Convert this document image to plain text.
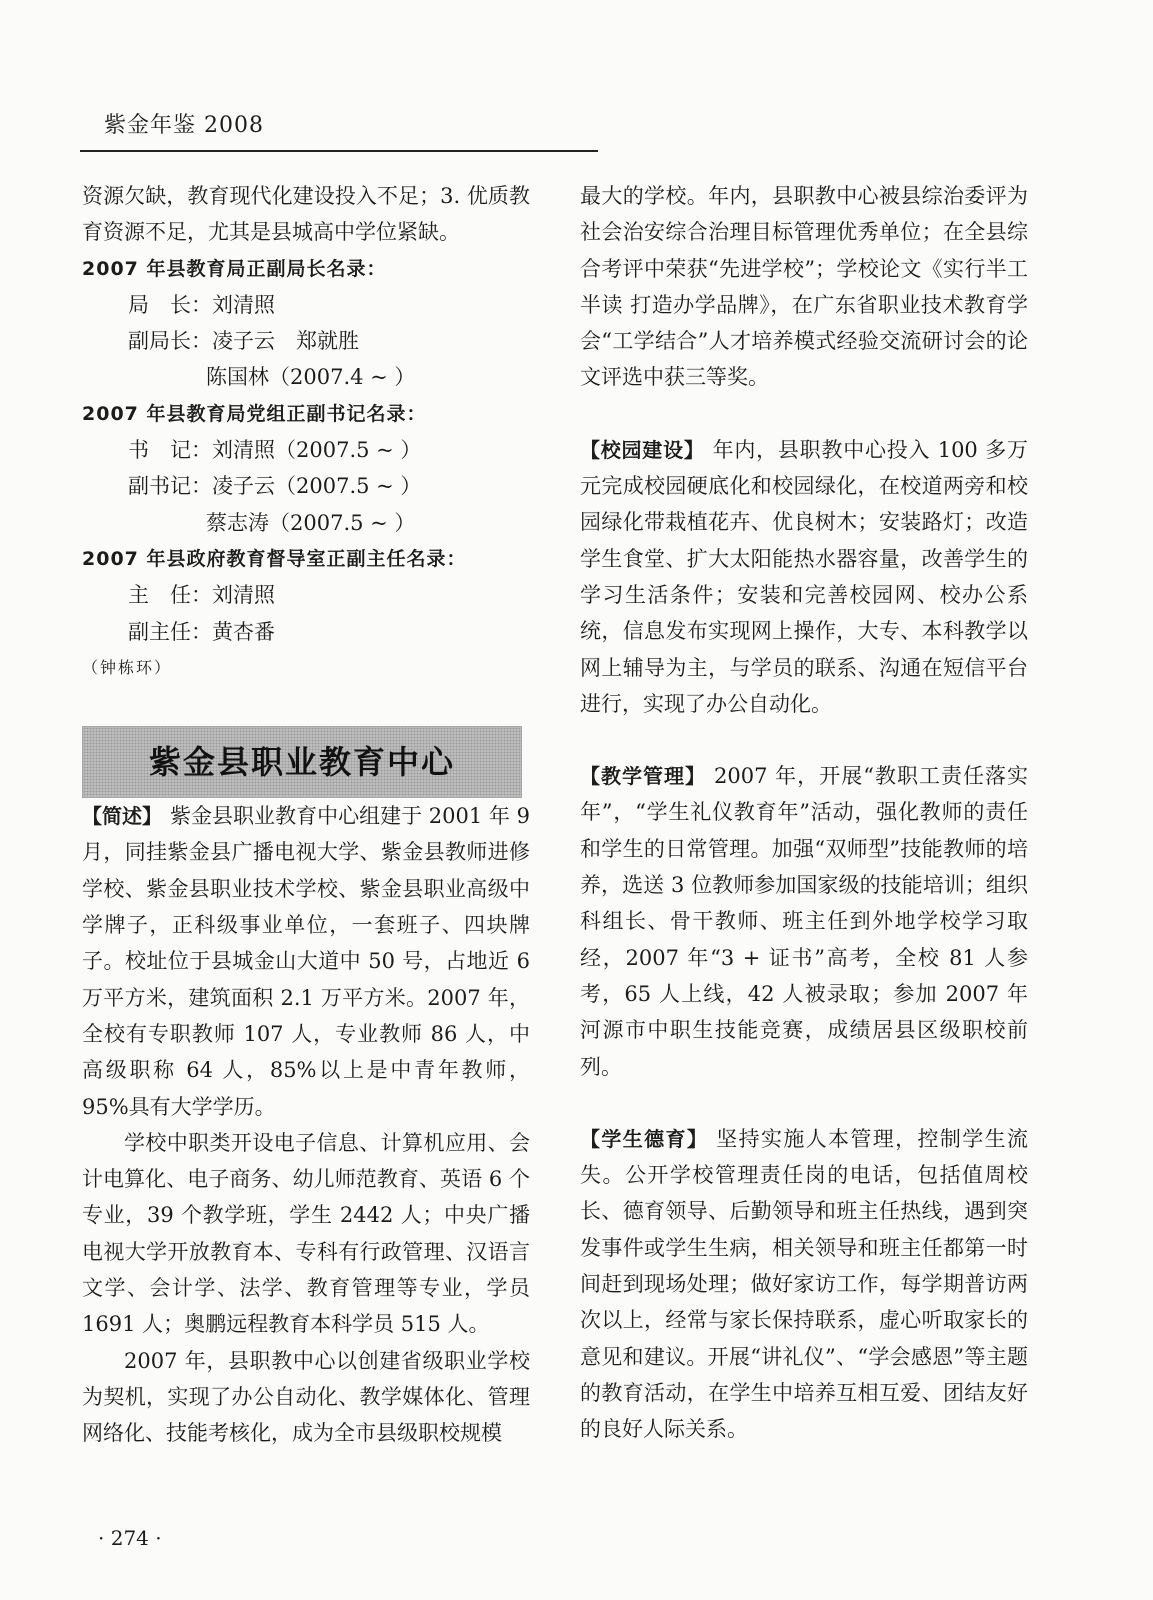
紫金年鉴 2008

资源欠缺，教育现代化建设投入不足；3. 优质教育资源不足，尤其是县城高中学位紧缺。

2007 年县教育局正副局长名录：

局　长：刘清照

副局长：凌子云　郑就胜

陈国林（2007.4 ~ ）

2007 年县教育局党组正副书记名录：

书　记：刘清照（2007.5 ~ ）

副书记：凌子云（2007.5 ~ ）

蔡志涛（2007.5 ~ ）

2007 年县政府教育督导室正副主任名录：

主　任：刘清照

副主任：黄杏番

（钟栋环）

紫金县职业教育中心

【简述】 紫金县职业教育中心组建于 2001 年 9 月，同挂紫金县广播电视大学、紫金县教师进修学校、紫金县职业技术学校、紫金县职业高级中学牌子，正科级事业单位，一套班子、四块牌子。校址位于县城金山大道中 50 号，占地近 6 万平方米，建筑面积 2.1 万平方米。2007 年，全校有专职教师 107 人，专业教师 86 人，中高级职称 64 人，85%以上是中青年教师，95%具有大学学历。

学校中职类开设电子信息、计算机应用、会计电算化、电子商务、幼儿师范教育、英语 6 个专业，39 个教学班，学生 2442 人；中央广播电视大学开放教育本、专科有行政管理、汉语言文学、会计学、法学、教育管理等专业，学员 1691 人；奥鹏远程教育本科学员 515 人。

2007 年，县职教中心以创建省级职业学校为契机，实现了办公自动化、教学媒体化、管理网络化、技能考核化，成为全市县级职校规模

最大的学校。年内，县职教中心被县综治委评为社会治安综合治理目标管理优秀单位；在全县综合考评中荣获“先进学校”；学校论文《实行半工半读 打造办学品牌》，在广东省职业技术教育学会“工学结合”人才培养模式经验交流研讨会的论文评选中获三等奖。

【校园建设】 年内，县职教中心投入 100 多万元完成校园硬底化和校园绿化，在校道两旁和校园绿化带栽植花卉、优良树木；安装路灯；改造学生食堂、扩大太阳能热水器容量，改善学生的学习生活条件；安装和完善校园网、校办公系统，信息发布实现网上操作，大专、本科教学以网上辅导为主，与学员的联系、沟通在短信平台进行，实现了办公自动化。

【教学管理】 2007 年，开展“教职工责任落实年”，“学生礼仪教育年”活动，强化教师的责任和学生的日常管理。加强“双师型”技能教师的培养，选送 3 位教师参加国家级的技能培训；组织科组长、骨干教师、班主任到外地学校学习取经，2007 年“3 + 证书”高考，全校 81 人参考，65 人上线，42 人被录取；参加 2007 年河源市中职生技能竞赛，成绩居县区级职校前列。

【学生德育】 坚持实施人本管理，控制学生流失。公开学校管理责任岗的电话，包括值周校长、德育领导、后勤领导和班主任热线，遇到突发事件或学生生病，相关领导和班主任都第一时间赶到现场处理；做好家访工作，每学期普访两次以上，经常与家长保持联系，虚心听取家长的意见和建议。开展“讲礼仪”、“学会感恩”等主题的教育活动，在学生中培养互相互爱、团结友好的良好人际关系。

· 274 ·
